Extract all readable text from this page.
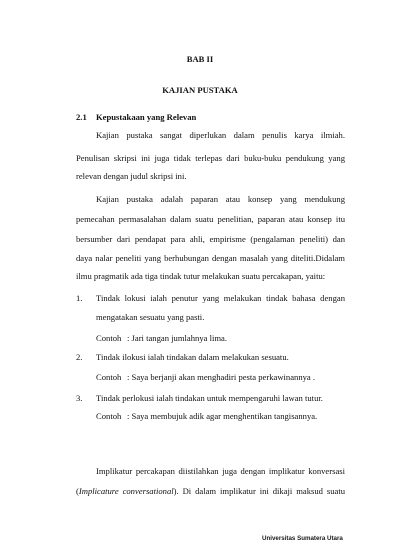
BAB II
KAJIAN PUSTAKA
2.1 Kepustakaan yang Relevan
Kajian pustaka sangat diperlukan dalam penulis karya ilmiah.
Penulisan skripsi ini juga tidak terlepas dari buku-buku pendukung yang
relevan dengan judul skripsi ini.
Kajian pustaka adalah paparan atau konsep yang mendukung
pemecahan permasalahan dalam suatu penelitian, paparan atau konsep itu
bersumber dari pendapat para ahli, empirisme (pengalaman peneliti) dan
daya nalar peneliti yang berhubungan dengan masalah yang diteliti.Didalam
ilmu pragmatik ada tiga tindak tutur melakukan suatu percakapan, yaitu:
1. Tindak lokusi ialah penutur yang melakukan tindak bahasa dengan
mengatakan sesuatu yang pasti.
Contoh : Jari tangan jumlahnya lima.
2. Tindak ilokusi ialah tindakan dalam melakukan sesuatu.
Contoh : Saya berjanji akan menghadiri pesta perkawinannya .
3. Tindak perlokusi ialah tindakan untuk mempengaruhi lawan tutur.
Contoh : Saya membujuk adik agar menghentikan tangisannya.
Implikatur percakapan diistilahkan juga dengan implikatur konversasi
(Implicature conversational). Di dalam implikatur ini dikaji maksud suatu
Universitas Sumatera Utara
